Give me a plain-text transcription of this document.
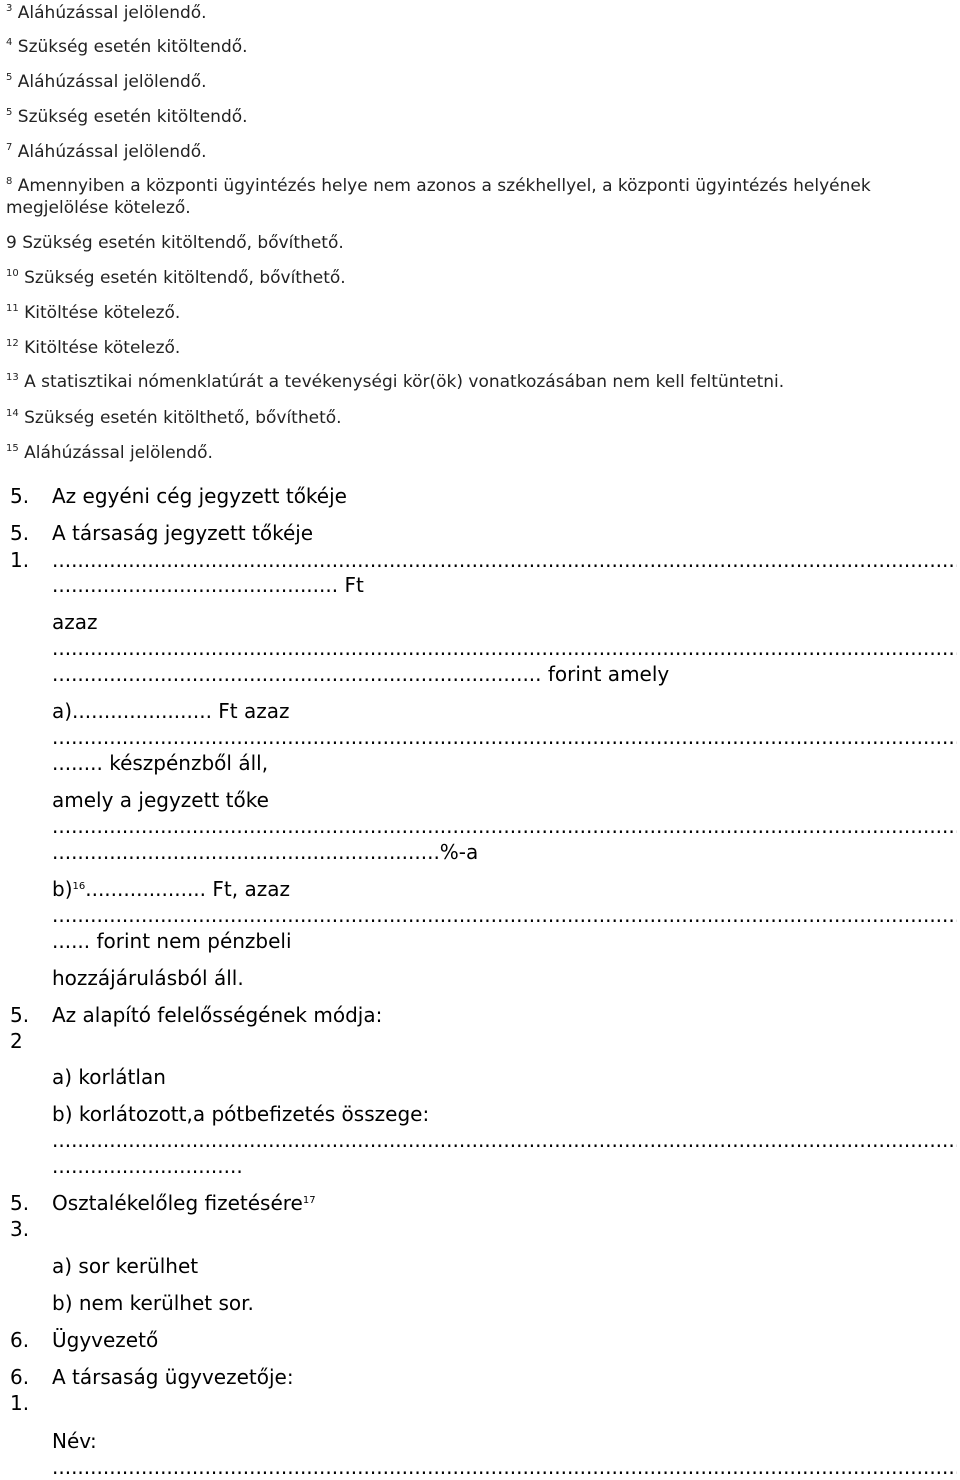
$^3$ Aláhúzással jelölendő.
$^4$ Szükség esetén kitöltendő.
$^5$ Aláhúzással jelölendő.
$^5$ Szükség esetén kitöltendő.
$^7$ Aláhúzással jelölendő.
$^8$ Amennyiben a központi ügyintézés helye nem azonos a székhellyel, a központi ügyintézés helyének megjelölése kötelező.
9 Szükség esetén kitöltendő, bővíthető.
$^{10}$ Szükség esetén kitöltendő, bővíthető.
$^{11}$ Kitöltése kötelező.
$^{12}$ Kitöltése kötelező.
$^{13}$ A statisztikai nómenklatúrát a tevékenységi kör(ök) vonatkozásában nem kell feltüntetni.
$^{14}$ Szükség esetén kitölthető, bővíthető.
$^{15}$ Aláhúzással jelölendő.
5.	Az egyéni cég jegyzett tőkéje
5.
1.
A társaság jegyzett tőkéje
.....
............................................. Ft
azaz
.....
............................................................................. forint amely
a)...................... Ft azaz
.....
........ készpénzből áll,
amely a jegyzett tőke
.....
.............................................................%-a
b)$^{16}$................... Ft, azaz
.....
...... forint nem pénzbeli
hozzájárulásból áll.
5.
2
Az alapító felelősségének módja:
a) korlátlan
b) korlátozott,a pótbefizetés összege:
.....
..............................
5.
3.
Osztalékelőleg fizetésére$^{17}$
a) sor kerülhet
b) nem kerülhet sor.
6.	Ügyvezető
6.
1.
A társaság ügyvezetője:
Név:
.....
